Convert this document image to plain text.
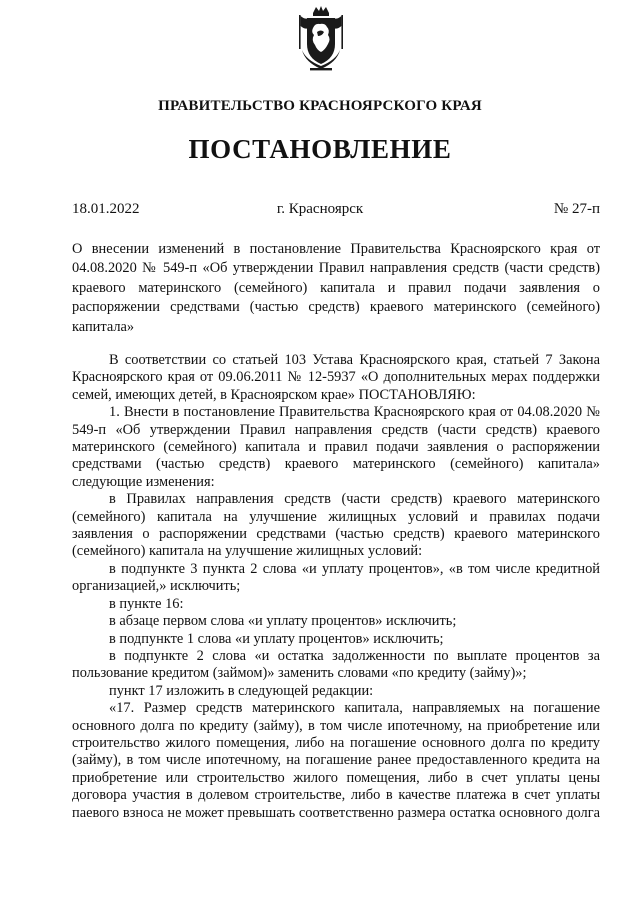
ПРАВИТЕЛЬСТВО КРАСНОЯРСКОГО КРАЯ
ПОСТАНОВЛЕНИЕ
18.01.2022	г. Красноярск	№ 27-п
О внесении изменений в постановление Правительства Красноярского края от 04.08.2020 № 549-п «Об утверждении Правил направления средств (части средств) краевого материнского (семейного) капитала и правил подачи заявления о распоряжении средствами (частью средств) краевого материнского (семейного) капитала»

В соответствии со статьей 103 Устава Красноярского края, статьей 7 Закона Красноярского края от 09.06.2011 № 12-5937 «О дополнительных мерах поддержки семей, имеющих детей, в Красноярском крае» ПОСТАНОВЛЯЮ:

1. Внести в постановление Правительства Красноярского края от 04.08.2020 № 549-п «Об утверждении Правил направления средств (части средств) краевого материнского (семейного) капитала и правил подачи заявления о распоряжении средствами (частью средств) краевого материнского (семейного) капитала» следующие изменения:

в Правилах направления средств (части средств) краевого материнского (семейного) капитала на улучшение жилищных условий и правилах подачи заявления о распоряжении средствами (частью средств) краевого материнского (семейного) капитала на улучшение жилищных условий:

в подпункте 3 пункта 2 слова «и уплату процентов», «в том числе кредитной организацией,» исключить;

в пункте 16:

в абзаце первом слова «и уплату процентов» исключить;

в подпункте 1 слова «и уплату процентов» исключить;

в подпункте 2 слова «и остатка задолженности по выплате процентов за пользование кредитом (займом)» заменить словами «по кредиту (займу)»;

пункт 17 изложить в следующей редакции:

«17. Размер средств материнского капитала, направляемых на погашение основного долга по кредиту (займу), в том числе ипотечному, на приобретение или строительство жилого помещения, либо на погашение основного долга по кредиту (займу), в том числе ипотечному, на погашение ранее предоставленного кредита на приобретение или строительство жилого помещения, либо в счет уплаты цены договора участия в долевом строительстве, либо в качестве платежа в счет уплаты паевого взноса не может превышать соответственно размера остатка основного долга
